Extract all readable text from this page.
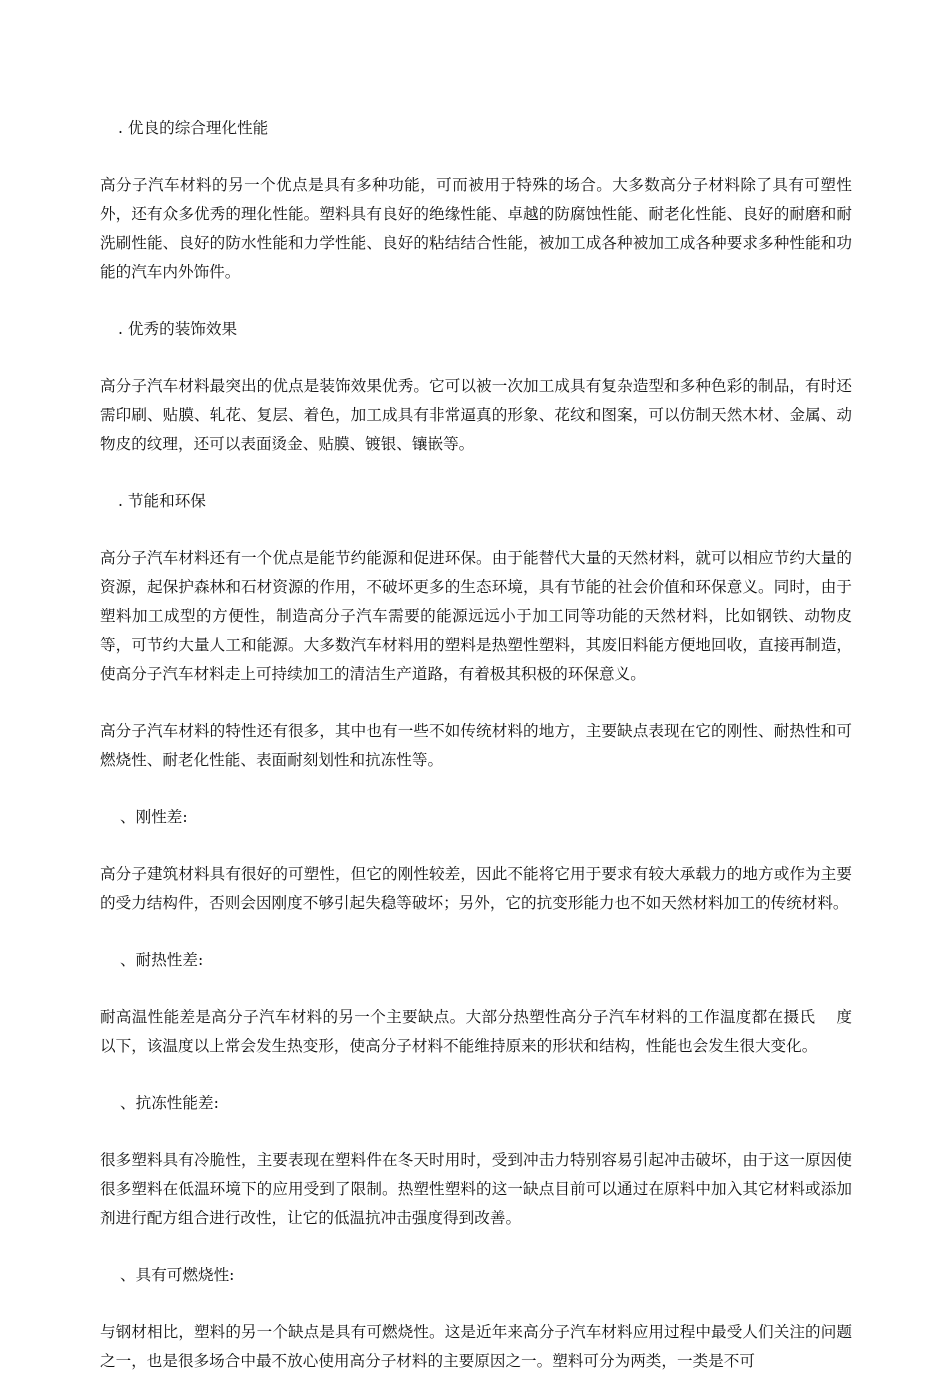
. 优良的综合理化性能

高分子汽车材料的另一个优点是具有多种功能，可而被用于特殊的场合。大多数高分子材料除了具有可塑性外，还有众多优秀的理化性能。塑料具有良好的绝缘性能、卓越的防腐蚀性能、耐老化性能、良好的耐磨和耐洗刷性能、良好的防水性能和力学性能、良好的粘结结合性能，被加工成各种被加工成各种要求多种性能和功能的汽车内外饰件。

. 优秀的装饰效果

高分子汽车材料最突出的优点是装饰效果优秀。它可以被一次加工成具有复杂造型和多种色彩的制品，有时还需印刷、贴膜、轧花、复层、着色，加工成具有非常逼真的形象、花纹和图案，可以仿制天然木材、金属、动物皮的纹理，还可以表面烫金、贴膜、镀银、镶嵌等。

. 节能和环保

高分子汽车材料还有一个优点是能节约能源和促进环保。由于能替代大量的天然材料，就可以相应节约大量的资源，起保护森林和石材资源的作用，不破坏更多的生态环境，具有节能的社会价值和环保意义。同时，由于塑料加工成型的方便性，制造高分子汽车需要的能源远远小于加工同等功能的天然材料，比如钢铁、动物皮等，可节约大量人工和能源。大多数汽车材料用的塑料是热塑性塑料，其废旧料能方便地回收，直接再制造，使高分子汽车材料走上可持续加工的清洁生产道路，有着极其积极的环保意义。

高分子汽车材料的特性还有很多，其中也有一些不如传统材料的地方，主要缺点表现在它的刚性、耐热性和可燃烧性、耐老化性能、表面耐刻划性和抗冻性等。

、刚性差:

高分子建筑材料具有很好的可塑性，但它的刚性较差，因此不能将它用于要求有较大承载力的地方或作为主要的受力结构件，否则会因刚度不够引起失稳等破坏；另外，它的抗变形能力也不如天然材料加工的传统材料。

、耐热性差:

耐高温性能差是高分子汽车材料的另一个主要缺点。大部分热塑性高分子汽车材料的工作温度都在摄氏　 度以下，该温度以上常会发生热变形，使高分子材料不能维持原来的形状和结构，性能也会发生很大变化。

、抗冻性能差:

很多塑料具有冷脆性，主要表现在塑料件在冬天时用时，受到冲击力特别容易引起冲击破坏，由于这一原因使很多塑料在低温环境下的应用受到了限制。热塑性塑料的这一缺点目前可以通过在原料中加入其它材料或添加剂进行配方组合进行改性，让它的低温抗冲击强度得到改善。

、具有可燃烧性:

与钢材相比，塑料的另一个缺点是具有可燃烧性。这是近年来高分子汽车材料应用过程中最受人们关注的问题之一，也是很多场合中最不放心使用高分子材料的主要原因之一。塑料可分为两类，一类是不可
